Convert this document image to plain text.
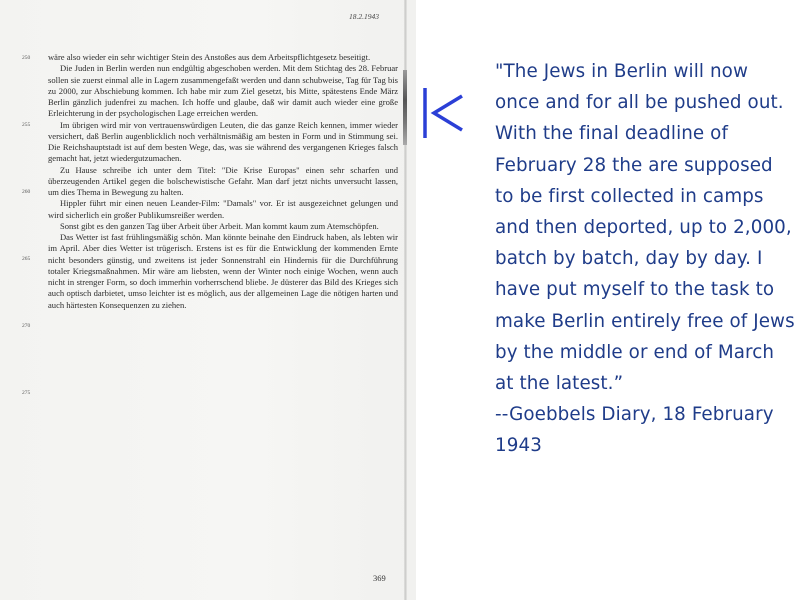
18.2.1943
250
255
260
265
270
275

wäre also wieder ein sehr wichtiger Stein des Anstoßes aus dem Arbeitspflichtgesetz beseitigt.

Die Juden in Berlin werden nun endgültig abgeschoben werden. Mit dem Stichtag des 28. Februar sollen sie zuerst einmal alle in Lagern zusammengefaßt werden und dann schubweise, Tag für Tag bis zu 2000, zur Abschiebung kommen. Ich habe mir zum Ziel gesetzt, bis Mitte, spätestens Ende März Berlin gänzlich judenfrei zu machen. Ich hoffe und glaube, daß wir damit auch wieder eine große Erleichterung in der psychologischen Lage erreichen werden.

Im übrigen wird mir von vertrauenswürdigen Leuten, die das ganze Reich kennen, immer wieder versichert, daß Berlin augenblicklich noch verhältnismäßig am besten in Form und in Stimmung sei. Die Reichshauptstadt ist auf dem besten Wege, das, was sie während des vergangenen Krieges falsch gemacht hat, jetzt wiedergutzumachen.

Zu Hause schreibe ich unter dem Titel: "Die Krise Europas" einen sehr scharfen und überzeugenden Artikel gegen die bolschewistische Gefahr. Man darf jetzt nichts unversucht lassen, um dies Thema in Bewegung zu halten.

Hippler führt mir einen neuen Leander-Film: "Damals" vor. Er ist ausgezeichnet gelungen und wird sicherlich ein großer Publikumsreißer werden.

Sonst gibt es den ganzen Tag über Arbeit über Arbeit. Man kommt kaum zum Atemschöpfen.

Das Wetter ist fast frühlingsmäßig schön. Man könnte beinahe den Eindruck haben, als lebten wir im April. Aber dies Wetter ist trügerisch. Erstens ist es für die Entwicklung der kommenden Ernte nicht besonders günstig, und zweitens ist jeder Sonnenstrahl ein Hindernis für die Durchführung totaler Kriegsmaßnahmen. Mir wäre am liebsten, wenn der Winter noch einige Wochen, wenn auch nicht in strenger Form, so doch immerhin vorherrschend bliebe. Je düsterer das Bild des Krieges sich auch optisch darbietet, umso leichter ist es möglich, aus der allgemeinen Lage die nötigen harten und auch härtesten Konsequenzen zu ziehen.

369

"The Jews in Berlin will now once and for all be pushed out. With the final deadline of February 28 the are supposed to be first collected in camps and then deported, up to 2,000, batch by batch, day by day. I have put myself to the task to make Berlin entirely free of Jews by the middle or end of March at the latest.”

--Goebbels Diary, 18 February 1943
